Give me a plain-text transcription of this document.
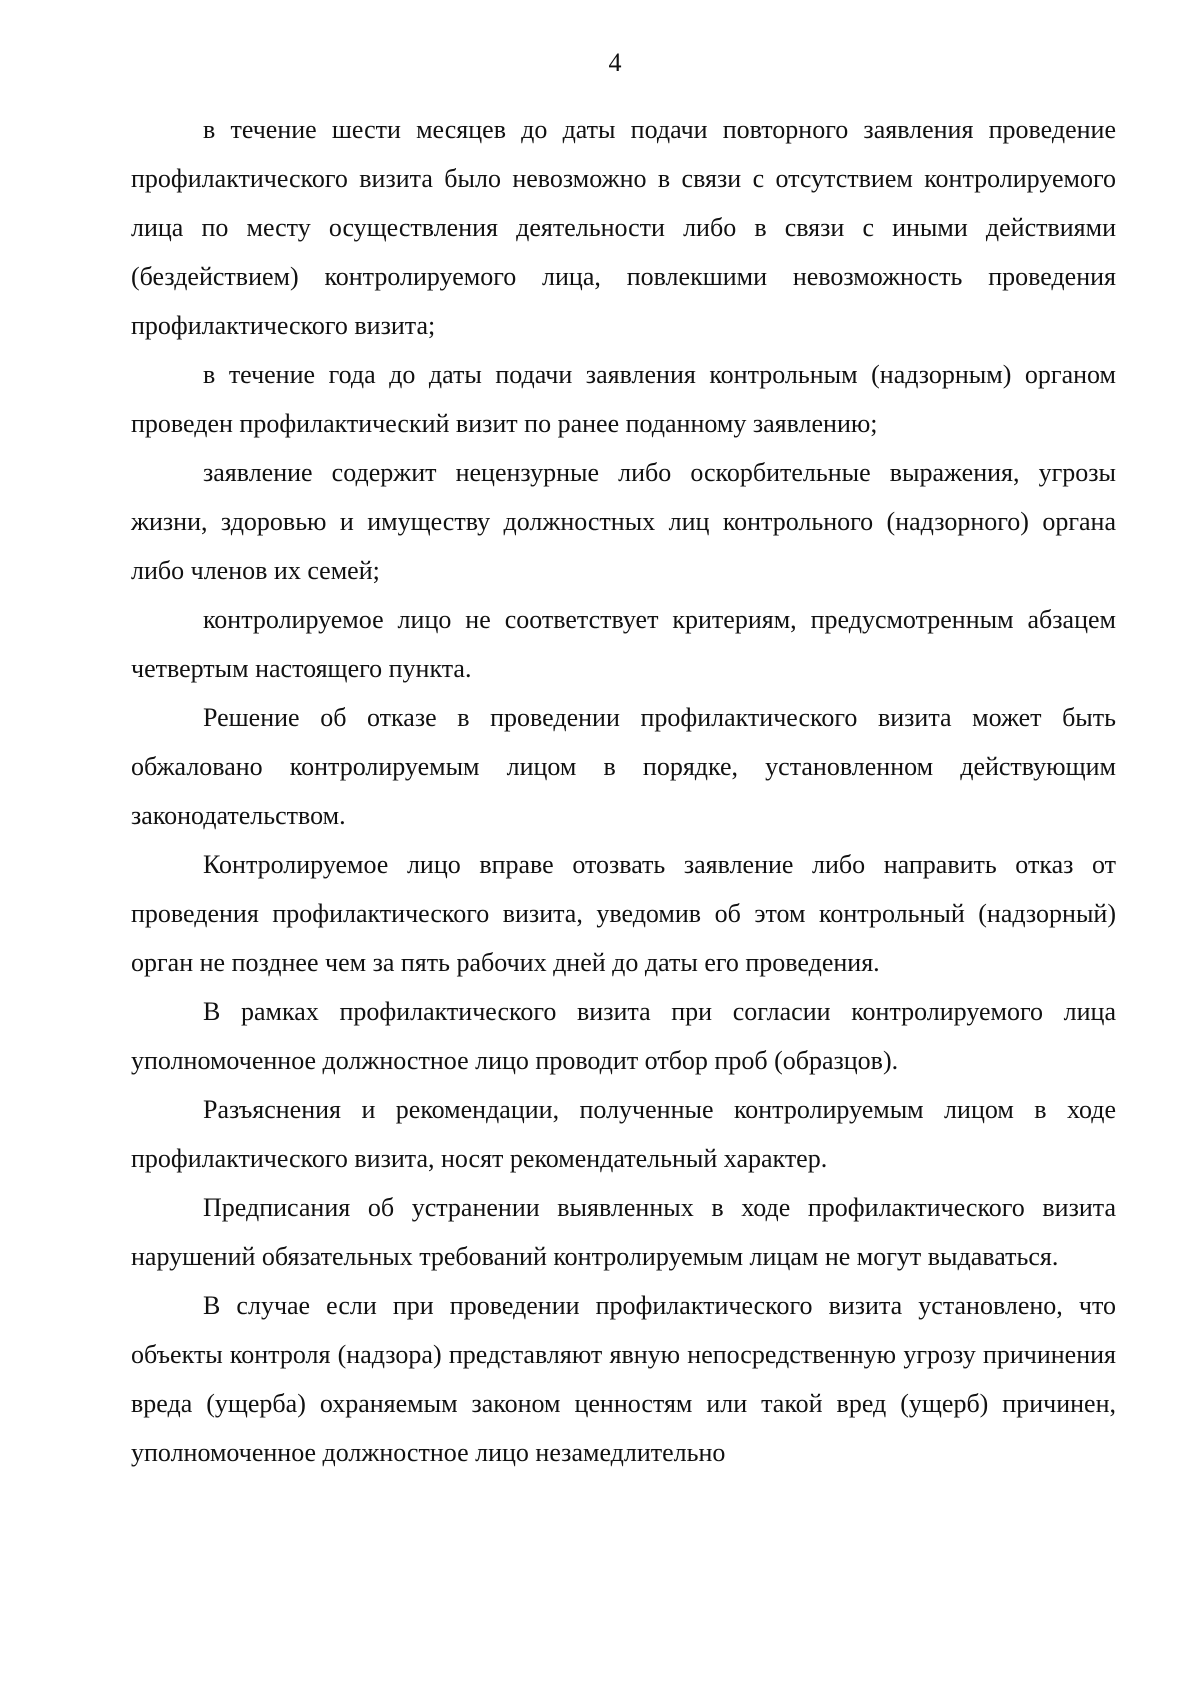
4

в течение шести месяцев до даты подачи повторного заявления проведение профилактического визита было невозможно в связи с отсутствием контролируемого лица по месту осуществления деятельности либо в связи с иными действиями (бездействием) контролируемого лица, повлекшими невозможность проведения профилактического визита;

в течение года до даты подачи заявления контрольным (надзорным) органом проведен профилактический визит по ранее поданному заявлению;

заявление содержит нецензурные либо оскорбительные выражения, угрозы жизни, здоровью и имуществу должностных лиц контрольного (надзорного) органа либо членов их семей;

контролируемое лицо не соответствует критериям, предусмотренным абзацем четвертым настоящего пункта.

Решение об отказе в проведении профилактического визита может быть обжаловано контролируемым лицом в порядке, установленном действующим законодательством.

Контролируемое лицо вправе отозвать заявление либо направить отказ от проведения профилактического визита, уведомив об этом контрольный (надзорный) орган не позднее чем за пять рабочих дней до даты его проведения.

В рамках профилактического визита при согласии контролируемого лица уполномоченное должностное лицо проводит отбор проб (образцов).

Разъяснения и рекомендации, полученные контролируемым лицом в ходе профилактического визита, носят рекомендательный характер.

Предписания об устранении выявленных в ходе профилактического визита нарушений обязательных требований контролируемым лицам не могут выдаваться.

В случае если при проведении профилактического визита установлено, что объекты контроля (надзора) представляют явную непосредственную угрозу причинения вреда (ущерба) охраняемым законом ценностям или такой вред (ущерб) причинен, уполномоченное должностное лицо незамедлительно
